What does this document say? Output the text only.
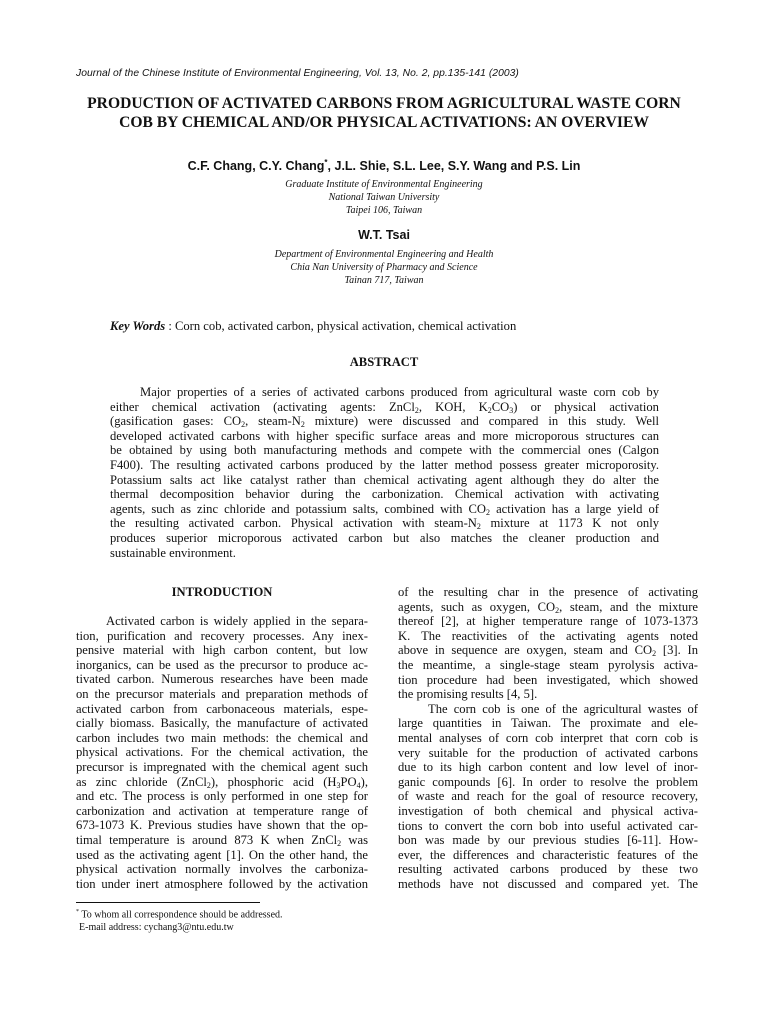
Journal of the Chinese Institute of Environmental Engineering, Vol. 13, No. 2, pp.135-141 (2003)
PRODUCTION OF ACTIVATED CARBONS FROM AGRICULTURAL WASTE CORN
COB BY CHEMICAL AND/OR PHYSICAL ACTIVATIONS: AN OVERVIEW
C.F. Chang, C.Y. Chang*, J.L. Shie, S.L. Lee, S.Y. Wang and P.S. Lin
Graduate Institute of Environmental Engineering
National Taiwan University
Taipei 106, Taiwan
W.T. Tsai
Department of Environmental Engineering and Health
Chia Nan University of Pharmacy and Science
Tainan 717, Taiwan
Key Words : Corn cob, activated carbon, physical activation, chemical activation
ABSTRACT
Major properties of a series of activated carbons produced from agricultural waste corn cob by
either chemical activation (activating agents: ZnCl$_2$, KOH, $K_2CO_3$) or physical activation
(gasification gases: $CO_2$, steam-$N_2$ mixture) were discussed and compared in this study. Well
developed activated carbons with higher specific surface areas and more microporous structures can
be obtained by using both manufacturing methods and compete with the commercial ones (Calgon
F400). The resulting activated carbons produced by the latter method possess greater microporosity.
Potassium salts act like catalyst rather than chemical activating agent although they do alter the
thermal decomposition behavior during the carbonization. Chemical activation with activating
agents, such as zinc chloride and potassium salts, combined with $CO_2$ activation has a large yield of
the resulting activated carbon. Physical activation with steam-$N_2$ mixture at 1173 K not only
produces superior microporous activated carbon but also matches the cleaner production and
sustainable environment.
INTRODUCTION
Activated carbon is widely applied in the separa-
tion, purification and recovery processes. Any inex-
pensive material with high carbon content, but low
inorganics, can be used as the precursor to produce ac-
tivated carbon. Numerous researches have been made
on the precursor materials and preparation methods of
activated carbon from carbonaceous materials, espe-
cially biomass. Basically, the manufacture of activated
carbon includes two main methods: the chemical and
physical activations. For the chemical activation, the
precursor is impregnated with the chemical agent such
as zinc chloride (ZnCl$_2$), phosphoric acid $(H_3PO_4)$,
and etc. The process is only performed in one step for
carbonization and activation at temperature range of
673-1073 K. Previous studies have shown that the op-
timal temperature is around 873 K when ZnCl$_2$ was
used as the activating agent [1]. On the other hand, the
physical activation normally involves the carboniza-
tion under inert atmosphere followed by the activation
of the resulting char in the presence of activating
agents, such as oxygen, $CO_2$, steam, and the mixture
thereof [2], at higher temperature range of 1073-1373
K. The reactivities of the activating agents noted
above in sequence are oxygen, steam and $CO_2$ [3]. In
the meantime, a single-stage steam pyrolysis activa-
tion procedure had been investigated, which showed
the promising results [4, 5].
The corn cob is one of the agricultural wastes of
large quantities in Taiwan. The proximate and ele-
mental analyses of corn cob interpret that corn cob is
very suitable for the production of activated carbons
due to its high carbon content and low level of inor-
ganic compounds [6]. In order to resolve the problem
of waste and reach for the goal of resource recovery,
investigation of both chemical and physical activa-
tions to convert the corn bob into useful activated car-
bon was made by our previous studies [6-11]. How-
ever, the differences and characteristic features of the
resulting activated carbons produced by these two
methods have not discussed and compared yet. The
* To whom all correspondence should be addressed.
E-mail address: cychang3@ntu.edu.tw
